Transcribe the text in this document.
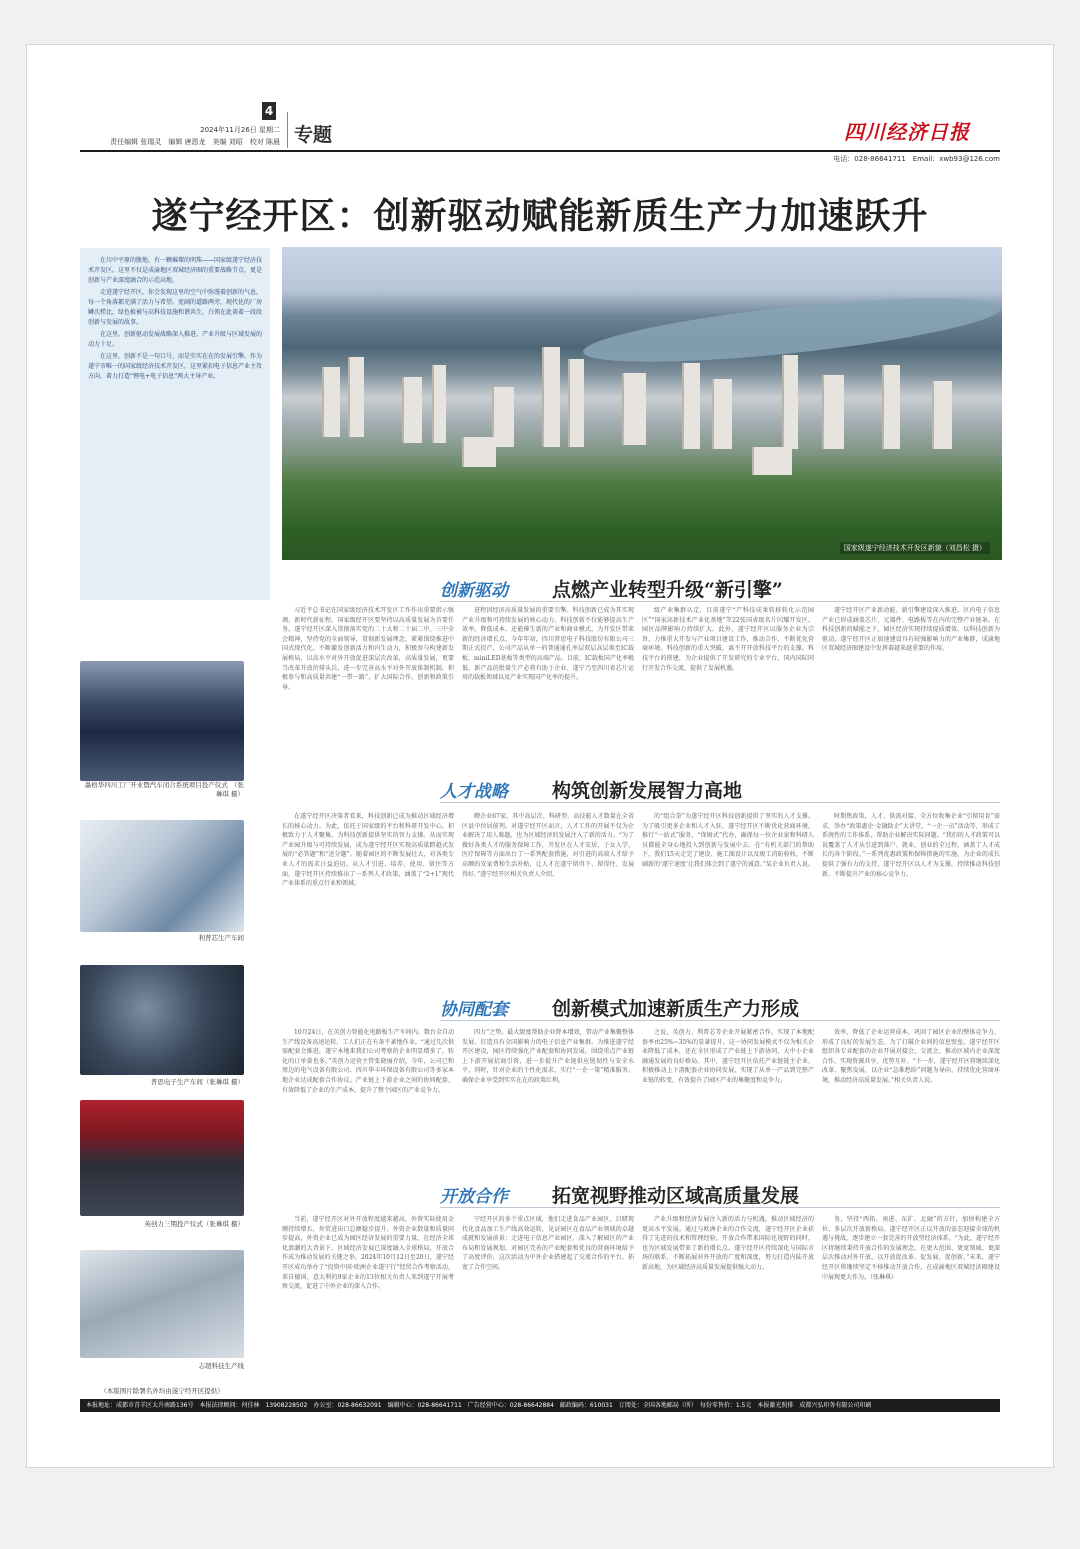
4
2024年11月26日 星期二
责任编辑 张瑞灵　编辑 唐恩龙　美编 刘昭　校对 陈晨 专题	四川经济日报
电话：028-86641711　Email：xwb93@126.com
遂宁经开区：创新驱动赋能新质生产力加速跃升

在川中平原的腹地，有一颗璀璨的明珠——国家级遂宁经济技术开发区。这里不仅是成渝地区双城经济圈的重要战略节点，更是创新与产业深度融合的示范高地。

走进遂宁经开区，你会发现这里的空气中弥漫着创新的气息，每一个角落都充满了活力与希望。宽阔的道路两旁，现代化的厂房鳞次栉比，绿色植被与高科技设施和谐共生，白领在此谈着一段段创新与发展的故事。

在这里，创新驱动发展战略深入推进，产业升级与区域发展的动力十足。

在这里，创新不是一句口号，而是实实在在的发展引擎。作为遂宁市唯一的国家级经济技术开发区，这里紧扣电子信息产业主攻方向，着力打造“锂电+电子信息”两大主导产业。

墨格华四川工厂开业暨汽车闭合系统项目投产仪式　（张琳琪 摄）
利普芯生产车间
普思电子生产车间（张琳琪 摄）
英创力三期投产仪式（张琳琪 摄）
志超科技生产线
（本版图片除署名外均由遂宁经开区提供）
国家级遂宁经济技术开发区新貌（刘昌松 摄）
创新驱动 点燃产业转型升级“新引擎”

习近平总书记在国家级经济技术开发区工作作出重要指示强调，新时代新征程，国家级经开区要坚持以高质量发展为首要任务。遂宁经开区深入贯彻落实党的二十大和二十届二中、三中全会精神，坚持党的全面领导，贯彻新发展理念，紧紧围绕推进中国式现代化。不断激发创新活力和内生动力，积极参与构建新发展格局，以高水平对外开放促进深层次改革，高质量发展，更要当改革开放的排头兵，进一步完善高水平对外开放体制机制，积极参与和高质量共建“一带一路”，扩大国际合作，创新和政策引导。

进程因经济高质量发展的重要引擎。科技创新已成为其实现产业升级和可持续发展的核心动力。科技创新不仅能够提高生产效率，降低成本，还能催生新的产业和商业模式，为开发区带来新的经济增长点。今年年初，四川普思电子科技股份有限公司三期正式投产，公司产品从单一的普通通孔率层双层高层堆至IC载板、miniLED基板等类型的高端产品。目前，IC载板国产化率极低，新产品的批量生产必将有助于企业、遂宁乃至四川省芯片运用的载板领域以及产业实现国产化率的提升。

级产业集群认定，目前遂宁“产科技成果转移转化示范园区”“国家高新技术产业化基地”等22张国省级名片闪耀开发区。园区品牌影响力持续扩大。此外，遂宁经开区以服务企业为宗旨，力推重大开发与产业项目建设工作，推动合作，不断优化营商环境。科技创新的重大突破，离不开开放科技平台的支撑。科技平台的搭建，为企业提供了开发研究的专业平台，国内国际同行开发合作交流，提供了发展机遇。

遂宁经开区产业新动能、新引擎建设深入推进。区内电子信息产业已形成涵盖芯片、元器件、电路板等在内的完整产业链条。在科技创新的赋能之下，园区经济实现持续提质增效。以科技创新为驱动，遂宁经开区正加速建设具有较强影响力的产业集群，成渝地区双城经济圈建设中发挥着越来越重要的作用。

人才战略 构筑创新发展智力高地

在遂宁经开区决策者看来，科技创新已成为推动区域经济增长的核心动力。为此，依托于国家级的平台和科研开发中心，积极致力于人才聚集，为科技创新提供坚实的智力支撑。从而实现产业园升级与可持续发展，成为遂宁经开区实现高质量跨越式发展的“必答题”和“送分题”。随着园区的不断发展壮大，对各类专业人才的需求日益迫切。从人才引进、培养、使用、留住等方面，遂宁经开区持续推出了一系列人才政策，涵盖了“2+1”现代产业体系的重点行业和领域。

聘企业67家，其中高层次、科研型、高技能人才数量在全省区县中位居前列。对遂宁经开区而言，人才工作的开展不仅为企业解决了用人难题，也为区域经济的发展注入了新的活力。“为了做好各类人才的服务保障工作，开发区在人才安居、子女入学、医疗保障等方面出台了一系列配套措施，对引进的高端人才给予高额的安家费和生活补贴，让人才在遂宁留得下、留得住、发展得好。”遂宁经开区相关负责人介绍。

的“组合拳”为遂宁经开区科技创新提供了坚实的人才支撑。为了吸引更多企业和人才入驻，遂宁经开区不断优化营商环境，推行“一站式”服务、“保姆式”代办，确保每一位企业家和科研人员都能全身心地投入到创新与发展中去。在“有机关部门的帮助下，我们15天走完了建设、施工图设计以及竣工消防验收，不断刷新的‘遂宁速度’让我们体会到了遂宁的诚意。”某企业负责人说。

时期焦政策，人才、供需对接、全方位收集企业“引留用育”需求，举办“政策惠企·金融助企”大讲堂、“一企一员”活动等，形成了系统性的工作体系，帮助企业解决实际问题。“我们的人才政策可以说覆盖了人才从引进到落户、就业、创业的全过程，涵盖了人才成长的各个阶段。”一系列优惠政策和保障措施的实施，为企业的成长提供了强有力的支持，遂宁经开区以人才为支撑，持续推动科技创新，不断提升产业的核心竞争力。

协同配套 创新模式加速新质生产力形成

10月24日，在英创力智能化电路板生产车间内，数台全自动生产线设备高速运转，工人们正在有条不紊地作业。“通过几次供需配套会推进，遂宁本地来我们公司考察的企业明显增多了，转化的订单量也多。”英创力运营主管张晓丽介绍，今年，公司已和周边的电气设备有限公司、四川华丰环保设备有限公司等多家本地企业达成配套合作协议。产业链上下游企业之间的协同配套，有效降低了企业的生产成本，提升了整个园区的产业竞争力。

四力”之势。最大限度帮助企业降本增效，带动产业集聚整体发展，打造具有全国影响力的电子信息产业集群。为推进遂宁经开区建设，园区持续强化产业配套和协同发展，围绕重点产业链上下游开展招商引资，进一步提升产业链供应链韧性与安全水平，同时，针对企业的个性化需求，实行“一企一策”精准服务，确保企业享受到实实在在的政策红利。

之说，英创力、利普芯等企业开展紧密合作，实现了本地配套率由25%~35%的显著提升。这一协同发展模式不仅为相关企业降低了成本，还在全区形成了产业链上下游协同、大中小企业融通发展的良好格局。其中，遂宁经开区依托产业链链主企业，积极推动上下游配套企业协同发展，实现了从单一产品到完整产业链的转变，有效提升了园区产业的集聚度和竞争力。

效率，降低了企业运营成本，巩固了园区企业的整体竞争力，形成了良好的发展生态。为了打破企业间的信息壁垒，遂宁经开区组织各专业配套的企业开展对接会、交流会，推动区域内企业深度合作，实现资源共享、优势互补。“下一步，遂宁经开区将继续深化改革、聚焦发展，以企业“急难愁盼”问题为导向，持续优化营商环境，推动经济高质量发展。”相关负责人说。

开放合作 拓宽视野推动区域高质量发展

当前，遂宁经开区对外开放程度越来越高，外资实际使用金额持续增长，外贸进出口总额稳步提升。外资企业数量和质量同步提高，外资企业已成为园区经济发展的重要力量。在经济全球化浪潮的大背景下，区域经济发展已深度融入全球格局，开放合作成为推动发展的关键之举。2024年10月12日至20日，遂宁经开区成功举办了“投资中国·欧洲企业遂宁行”经贸合作考察活动，来自德国、意大利的9家企业的13位相关负责人来到遂宁开展考察交流，促进了中外企业的深入合作。

宁经开区的多个重点区域，他们走进食品产业园区，目睹现代化食品加工生产线高效运转，见证园区在食品产业领域的卓越成就和发展前景；走进电子信息产业园区，深入了解园区的产业布局和发展规划，对园区完善的产业配套和优良的营商环境给予了高度评价。这次活动为中外企业搭建起了交流合作的平台，拓宽了合作空间。

产业升级和经济发展注入新的活力与机遇。推动区域经济的更高水平发展。通过与欧洲企业的合作交流，遂宁经开区企业获得了先进的技术和管理经验，开放合作带来国际化视野的同时，也为区域发展带来了新的增长点。遂宁经开区持续深化与国际市场的联系，不断拓展对外开放的广度和深度，努力打造内陆开放新高地，为区域经济高质量发展提供强大动力。

务，坚持“西拓、南进、东扩、北融”的方针，加快构建全方位、多层次开放新格局。遂宁经开区正以开放的姿态迎接全球的机遇与挑战，逐步建立一套完善的开放型经济体系。“为此，遂宁经开区将继续秉持开放合作的发展理念，在更大范围、更宽领域、更深层次推动对外开放，以开放促改革、促发展、促创新。”未来，遂宁经开区将继续坚定不移推动开放合作，在成渝地区双城经济圈建设中展现更大作为。（张琳琪）

本报地址：成都市青羊区太升南路136号　本报法律顾问：何佳林　13908228502　办公室：028-86632091　编辑中心：028-86641711　广告经营中心：028-86642884　邮政编码：610031　订阅处：全国各地邮局（所）　每份零售价：1.5元　本报激光照排　成都兴弘印务有限公司印刷
